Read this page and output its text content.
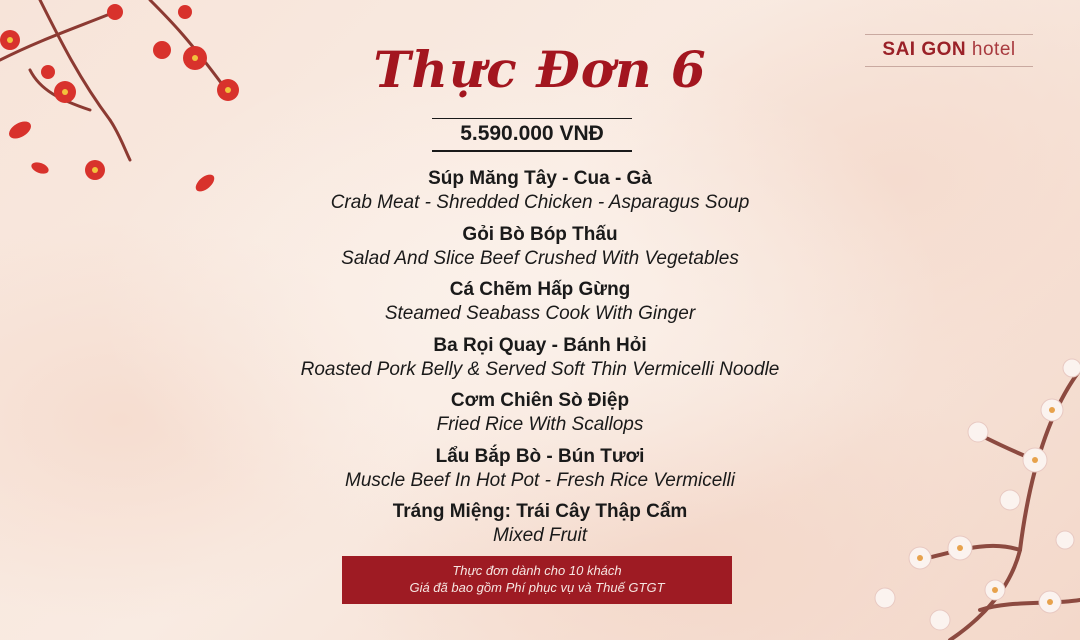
SAI GON hotel
Thực Đơn 6
5.590.000 VNĐ
Súp Măng Tây - Cua - Gà
Crab Meat - Shredded Chicken - Asparagus Soup
Gỏi Bò Bóp Thấu
Salad And Slice Beef Crushed With Vegetables
Cá Chẽm Hấp Gừng
Steamed Seabass Cook With Ginger
Ba Rọi Quay - Bánh Hỏi
Roasted Pork Belly & Served Soft Thin Vermicelli Noodle
Cơm Chiên Sò Điệp
Fried Rice With Scallops
Lẩu Bắp Bò - Bún Tươi
Muscle Beef In Hot Pot - Fresh Rice Vermicelli
Tráng Miệng: Trái Cây Thập Cẩm
Mixed Fruit
Thực đơn dành cho 10 khách
Giá đã bao gồm Phí phục vụ và Thuế GTGT
